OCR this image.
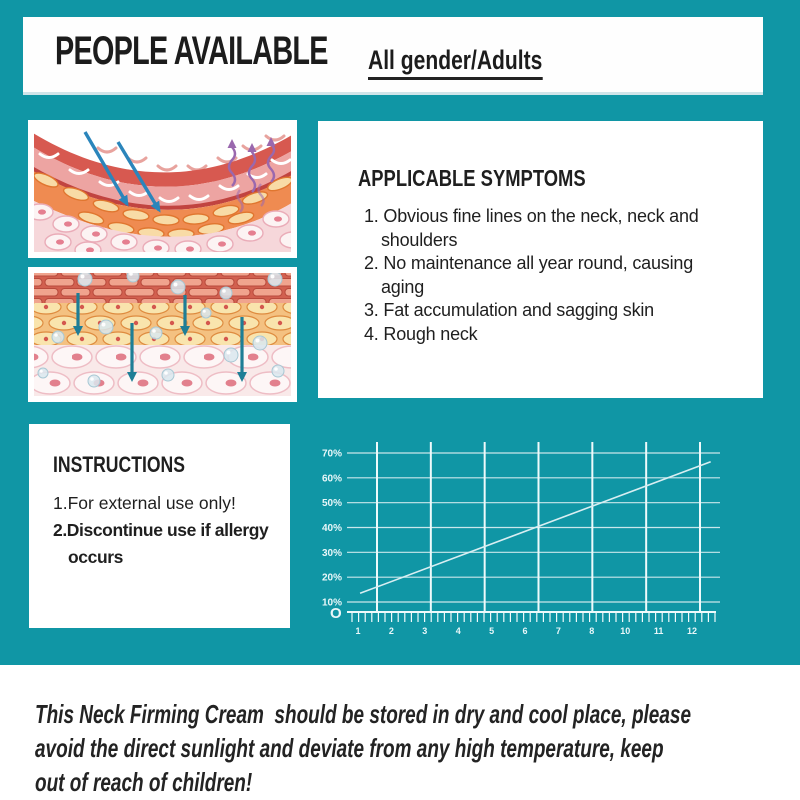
PEOPLE AVAILABLE All gender/Adults
APPLICABLE SYMPTOMS
1. Obvious fine lines on the neck, neck and shoulders
2. No maintenance all year round, causing aging
3. Fat accumulation and sagging skin
4. Rough neck
INSTRUCTIONS
1.For external use only!
2.Discontinue use if allergy occurs
70%
60%
50%
40%
30%
20%
10%
1	2	3	4	5	6	7	8	10	11	12
O
This Neck Firming Cream  should be stored in dry and cool place, please
avoid the direct sunlight and deviate from any high temperature, keep
out of reach of children!
